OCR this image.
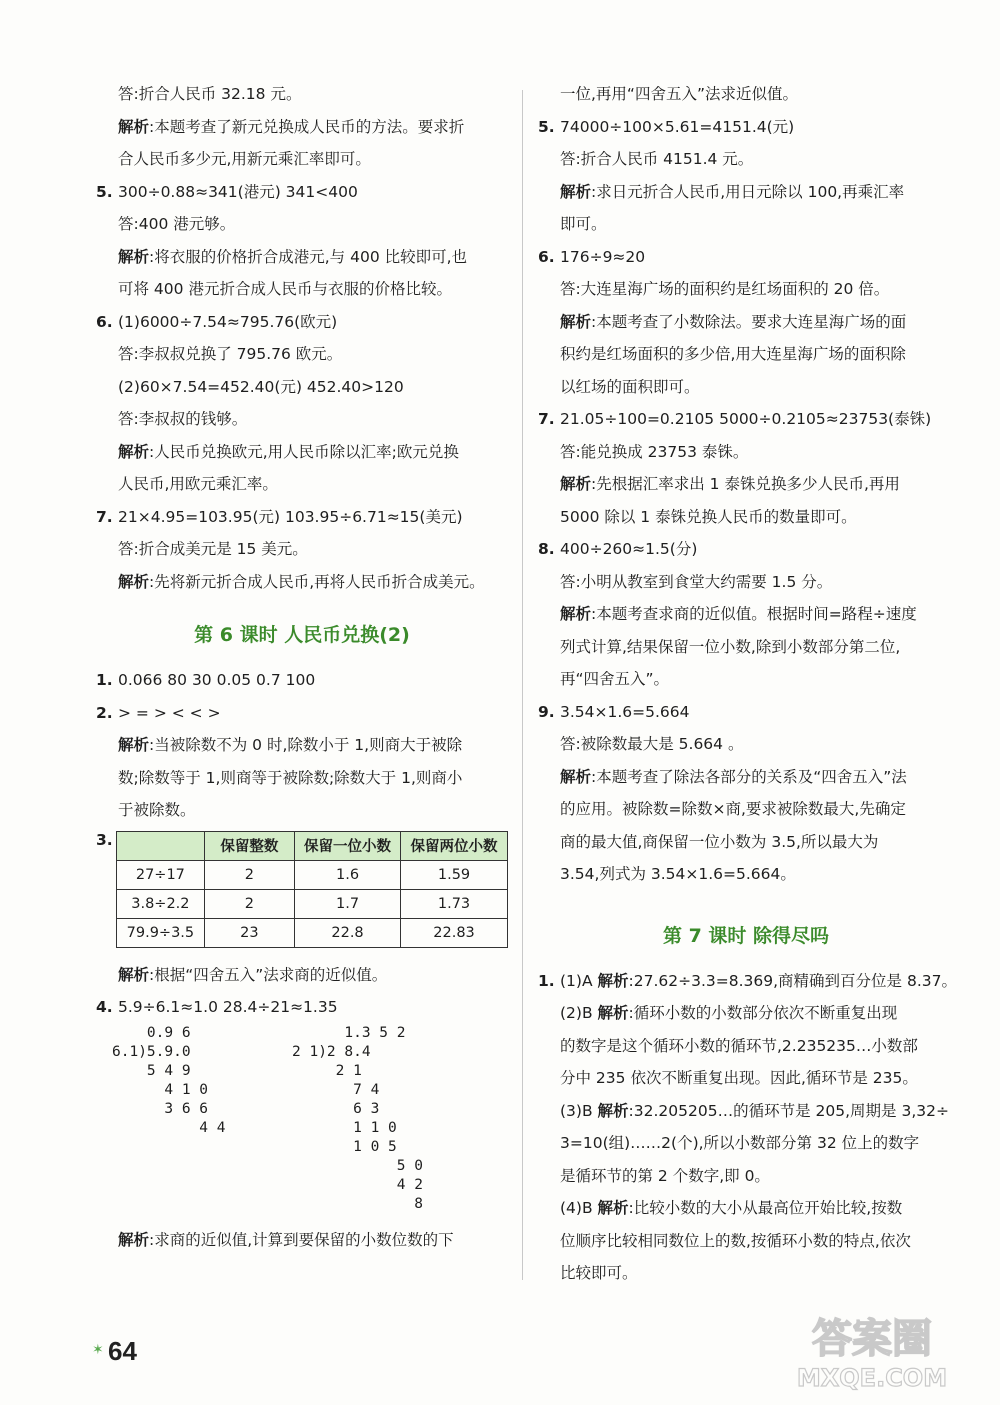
答:折合人民币 32.18 元。
解析:本题考查了新元兑换成人民币的方法。要求折
合人民币多少元,用新元乘汇率即可。
5. 300÷0.88≈341(港元) 341<400
答:400 港元够。
解析:将衣服的价格折合成港元,与 400 比较即可,也
可将 400 港元折合成人民币与衣服的价格比较。
6. (1)6000÷7.54≈795.76(欧元)
答:李叔叔兑换了 795.76 欧元。
(2)60×7.54=452.40(元) 452.40>120
答:李叔叔的钱够。
解析:人民币兑换欧元,用人民币除以汇率;欧元兑换
人民币,用欧元乘汇率。
7. 21×4.95=103.95(元) 103.95÷6.71≈15(美元)
答:折合成美元是 15 美元。
解析:先将新元折合成人民币,再将人民币折合成美元。
第 6 课时 人民币兑换(2)
1. 0.066 80 30 0.05 0.7 100
2. > = > < < >
解析:当被除数不为 0 时,除数小于 1,则商大于被除
数;除数等于 1,则商等于被除数;除数大于 1,则商小
于被除数。
3.
		保留整数	保留一位小数	保留两位小数
27÷17	2	1.6	1.59
3.8÷2.2	2	1.7	1.73
79.9÷3.5	23	22.8	22.83
解析:根据“四舍五入”法求商的近似值。
4. 5.9÷6.1≈1.0 28.4÷21≈1.35
0.9 6
6.1)5.9.0
5 4 9
4 1 0
3 6 6
4 4
1.3 5 2
2 1)2 8.4
2 1
7 4
6 3
1 1 0
1 0 5
5 0
4 2
8
解析:求商的近似值,计算到要保留的小数位数的下
一位,再用“四舍五入”法求近似值。
5. 74000÷100×5.61=4151.4(元)
答:折合人民币 4151.4 元。
解析:求日元折合人民币,用日元除以 100,再乘汇率
即可。
6. 176÷9≈20
答:大连星海广场的面积约是红场面积的 20 倍。
解析:本题考查了小数除法。要求大连星海广场的面
积约是红场面积的多少倍,用大连星海广场的面积除
以红场的面积即可。
7. 21.05÷100=0.2105 5000÷0.2105≈23753(泰铢)
答:能兑换成 23753 泰铢。
解析:先根据汇率求出 1 泰铢兑换多少人民币,再用
5000 除以 1 泰铢兑换人民币的数量即可。
8. 400÷260≈1.5(分)
答:小明从教室到食堂大约需要 1.5 分。
解析:本题考查求商的近似值。根据时间=路程÷速度
列式计算,结果保留一位小数,除到小数部分第二位,
再“四舍五入”。
9. 3.54×1.6=5.664
答:被除数最大是 5.664 。
解析:本题考查了除法各部分的关系及“四舍五入”法
的应用。被除数=除数×商,要求被除数最大,先确定
商的最大值,商保留一位小数为 3.5,所以最大为
3.54,列式为 3.54×1.6=5.664。
第 7 课时 除得尽吗
1. (1)A 解析:27.62÷3.3=8.369,商精确到百分位是 8.37。
(2)B 解析:循环小数的小数部分依次不断重复出现
的数字是这个循环小数的循环节,2.235235…小数部
分中 235 依次不断重复出现。因此,循环节是 235。
(3)B 解析:32.205205…的循环节是 205,周期是 3,32÷
3=10(组)……2(个),所以小数部分第 32 位上的数字
是循环节的第 2 个数字,即 0。
(4)B 解析:比较小数的大小从最高位开始比较,按数
位顺序比较相同数位上的数,按循环小数的特点,依次
比较即可。
✶ 64	答案圈
MXQE.COM
